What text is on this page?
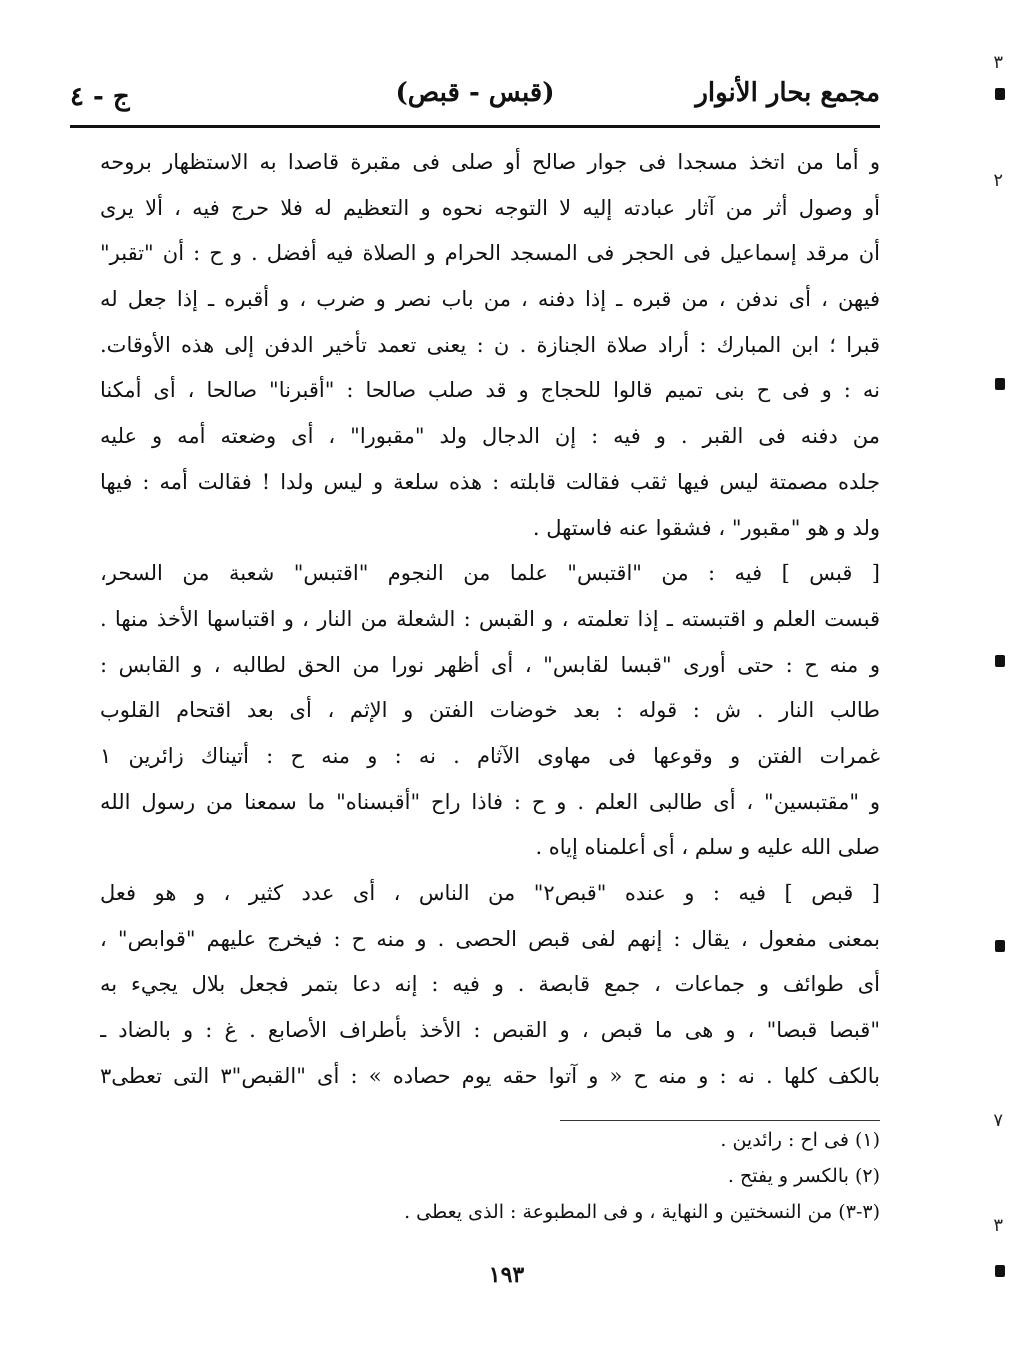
مجمع بحار الأنوار
(قبس - قبص)
ج - ٤
و أما من اتخذ مسجدا فى جوار صالح أو صلى فى مقبرة قاصدا به الاستظهار بروحه
أو وصول أثر من آثار عبادته إليه لا التوجه نحوه و التعظيم له فلا حرج فيه ، ألا يرى
أن مرقد إسماعيل فى الحجر فى المسجد الحرام و الصلاة فيه أفضل . و ح : أن "تقبر"
فيهن ، أى ندفن ، من قبره ـ إذا دفنه ، من باب نصر و ضرب ، و أقبره ـ إذا جعل له
قبرا ؛ ابن المبارك : أراد صلاة الجنازة . ن : يعنى تعمد تأخير الدفن إلى هذه الأوقات.
نه : و فى ح بنى تميم قالوا للحجاج و قد صلب صالحا : "أقبرنا" صالحا ، أى أمكنا
من دفنه فى القبر . و فيه : إن الدجال ولد "مقبورا" ، أى وضعته أمه و عليه
جلده مصمتة ليس فيها ثقب فقالت قابلته : هذه سلعة و ليس ولدا ! فقالت أمه : فيها
ولد و هو "مقبور" ، فشقوا عنه فاستهل .
[ قبس ] فيه : من "اقتبس" علما من النجوم "اقتبس" شعبة من السحر،
قبست العلم و اقتبسته ـ إذا تعلمته ، و القبس : الشعلة من النار ، و اقتباسها الأخذ منها .
و منه ح : حتى أورى "قبسا لقابس" ، أى أظهر نورا من الحق لطالبه ، و القابس :
طالب النار . ش : قوله : بعد خوضات الفتن و الإثم ، أى بعد اقتحام القلوب
غمرات الفتن و وقوعها فى مهاوى الآثام . نه : و منه ح : أتيناك زائرين ١
و "مقتبسين" ، أى طالبى العلم . و ح : فاذا راح "أقبسناه" ما سمعنا من رسول الله
صلى الله عليه و سلم ، أى أعلمناه إياه .
[ قبص ] فيه : و عنده "قبص٢" من الناس ، أى عدد كثير ، و هو فعل
بمعنى مفعول ، يقال : إنهم لفى قبص الحصى . و منه ح : فيخرج عليهم "قوابص" ،
أى طوائف و جماعات ، جمع قابصة . و فيه : إنه دعا بتمر فجعل بلال يجيء به
"قبصا قبصا" ، و هى ما قبص ، و القبص : الأخذ بأطراف الأصابع . غ : و بالضاد ـ
بالكف كلها . نه : و منه ح « و آتوا حقه يوم حصاده » : أى "القبص"٣ التى تعطى٣
(١) فى اح : رائدين .
(٢) بالكسر و يفتح .
(٣-٣) من النسختين و النهاية ، و فى المطبوعة : الذى يعطى .
١٩٣
٣
٢
٧
٣
